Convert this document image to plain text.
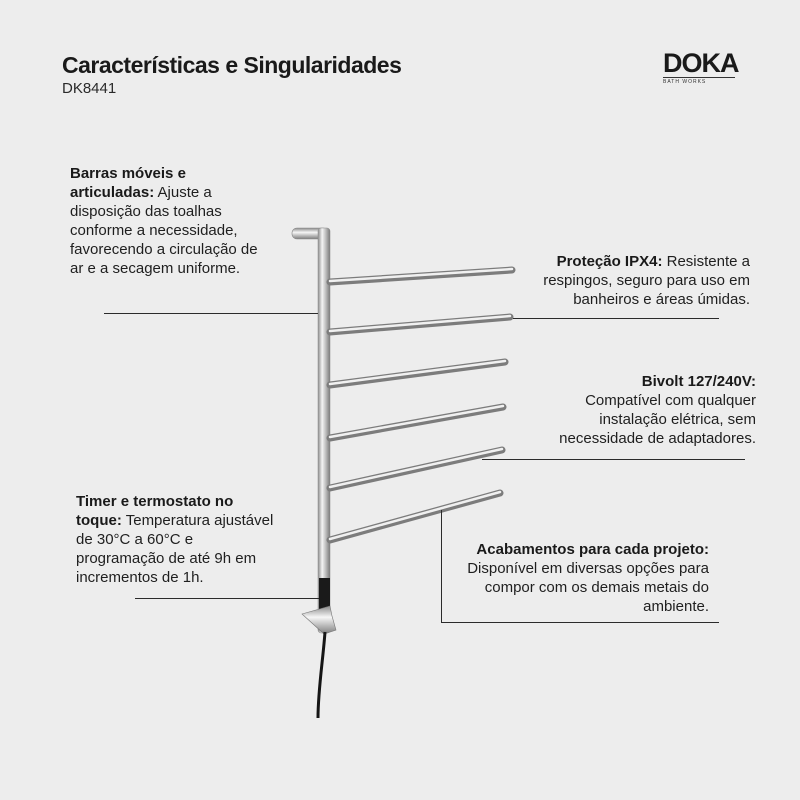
Características e Singularidades
DK8441
DOKA
BATH WORKS
Barras móveis e articuladas: Ajuste a disposição das toalhas conforme a necessidade, favorecendo a circulação de ar e a secagem uniforme.	Proteção IPX4: Resistente a respingos, seguro para uso em banheiros e áreas úmidas.
Bivolt 127/240V:
Compatível com qualquer instalação elétrica, sem necessidade de adaptadores.
Timer e termostato no toque: Temperatura ajustável de 30°C a 60°C e programação de até 9h em incrementos de 1h.
Acabamentos para cada projeto:
Disponível em diversas opções para compor com os demais metais do ambiente.
